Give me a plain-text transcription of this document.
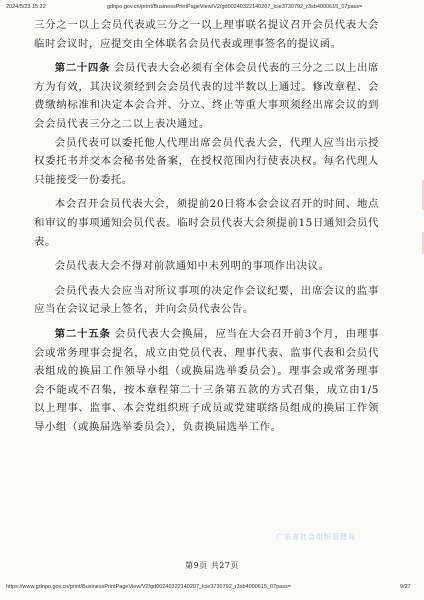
2024/5/23 15:22	gdnpo.gov.cn/print/BusinessPrintPageView/V2/gd00240322140207_lcie3730792_r3sb4000615_07pass=

三分之一以上会员代表或三分之一以上理事联名提议召开会员代表大会临时会议时，应提交由全体联名会员代表或理事签名的提议函。

第二十四条 会员代表大会必须有全体会员代表的三分之二以上出席方为有效，其决议须经到会会员代表的过半数以上通过。修改章程、会费缴纳标准和决定本会合并、分立、终止等重大事项须经出席会议的到会会员代表三分之二以上表决通过。

会员代表可以委托他人代理出席会员代表大会，代理人应当出示授权委托书并交本会秘书处备案，在授权范围内行使表决权。每名代理人只能接受一份委托。

本会召开会员代表大会，须提前20日将本会会议召开的时间、地点和审议的事项通知会员代表。临时会员代表大会须提前15日通知会员代表。

会员代表大会不得对前款通知中未列明的事项作出决议。

会员代表大会应当对所议事项的决定作会议纪要，出席会议的监事应当在会议记录上签名，并向会员代表公告。

第二十五条 会员代表大会换届，应当在大会召开前3个月，由理事会或常务理事会提名，成立由党员代表、理事代表、监事代表和会员代表组成的换届工作领导小组（或换届选举委员会）。理事会或常务理事会不能或不召集，按本章程第二十三条第五款的方式召集，成立由1/5以上理事、监事、本会党组织班子成员或党建联络员组成的换届工作领导小组（或换届选举委员会），负责换届选举工作。

广东省社会组织管理局
第9页 共27页
https://www.gdnpo.gov.cn/print/BusinessPrintPageView/V2/gd00240322140207_lcie3730792_r3sb4000615_07pass=	9/27
